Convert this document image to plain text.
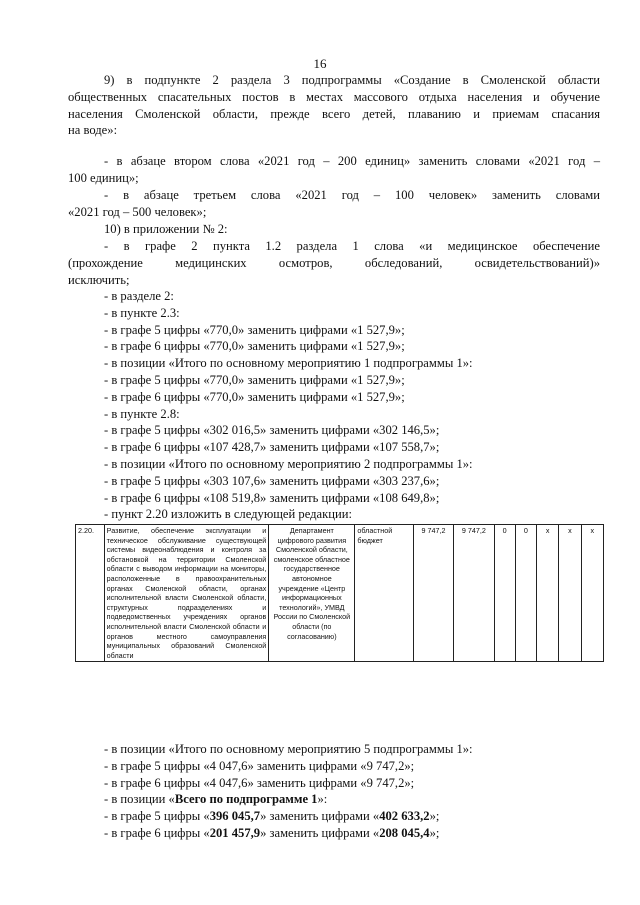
16
9) в подпункте 2 раздела 3 подпрограммы «Создание в Смоленской области
общественных спасательных постов в местах массового отдыха населения и обучение
населения Смоленской области, прежде всего детей, плаванию и приемам спасания
на воде»:
- в абзаце втором слова «2021 год – 200 единиц» заменить словами «2021 год –
100 единиц»;
- в абзаце третьем слова «2021 год – 100 человек» заменить словами
«2021 год – 500 человек»;
10) в приложении № 2:
- в графе 2 пункта 1.2 раздела 1 слова «и медицинское обеспечение
(прохождение медицинских осмотров, обследований, освидетельствований)»
исключить;
- в разделе 2:
- в пункте 2.3:
- в графе 5 цифры «770,0» заменить цифрами «1 527,9»;
- в графе 6 цифры «770,0» заменить цифрами «1 527,9»;
- в позиции «Итого по основному мероприятию 1 подпрограммы 1»:
- в графе 5 цифры «770,0» заменить цифрами «1 527,9»;
- в графе 6 цифры «770,0» заменить цифрами «1 527,9»;
- в пункте 2.8:
- в графе 5 цифры «302 016,5» заменить цифрами «302 146,5»;
- в графе 6 цифры «107 428,7» заменить цифрами «107 558,7»;
- в позиции «Итого по основному мероприятию 2 подпрограммы 1»:
- в графе 5 цифры «303 107,6» заменить цифрами «303 237,6»;
- в графе 6 цифры «108 519,8» заменить цифрами «108 649,8»;
- пункт 2.20 изложить в следующей редакции:
2.20.	Развитие, обеспечение эксплуатации и техническое обслуживание существующей системы видеонаблюдения и контроля за обстановкой на территории Смоленской области с выводом информации на мониторы, расположенные в правоохранительных органах Смоленской области, органах исполнительной власти Смоленской области, структурных подразделениях и подведомственных учреждениях органов исполнительной власти Смоленской области и органов местного самоуправления муниципальных образований Смоленской области	Департамент цифрового развития Смоленской области, смоленское областное государственное автономное учреждение «Центр информационных технологий», УМВД России по Смоленской области (по согласованию)	областной бюджет	9 747,2	9 747,2	0	0	х	х	х
- в позиции «Итого по основному мероприятию 5 подпрограммы 1»:
- в графе 5 цифры «4 047,6» заменить цифрами «9 747,2»;
- в графе 6 цифры «4 047,6» заменить цифрами «9 747,2»;
- в позиции «Всего по подпрограмме 1»:
- в графе 5 цифры «396 045,7» заменить цифрами «402 633,2»;
- в графе 6 цифры «201 457,9» заменить цифрами «208 045,4»;
